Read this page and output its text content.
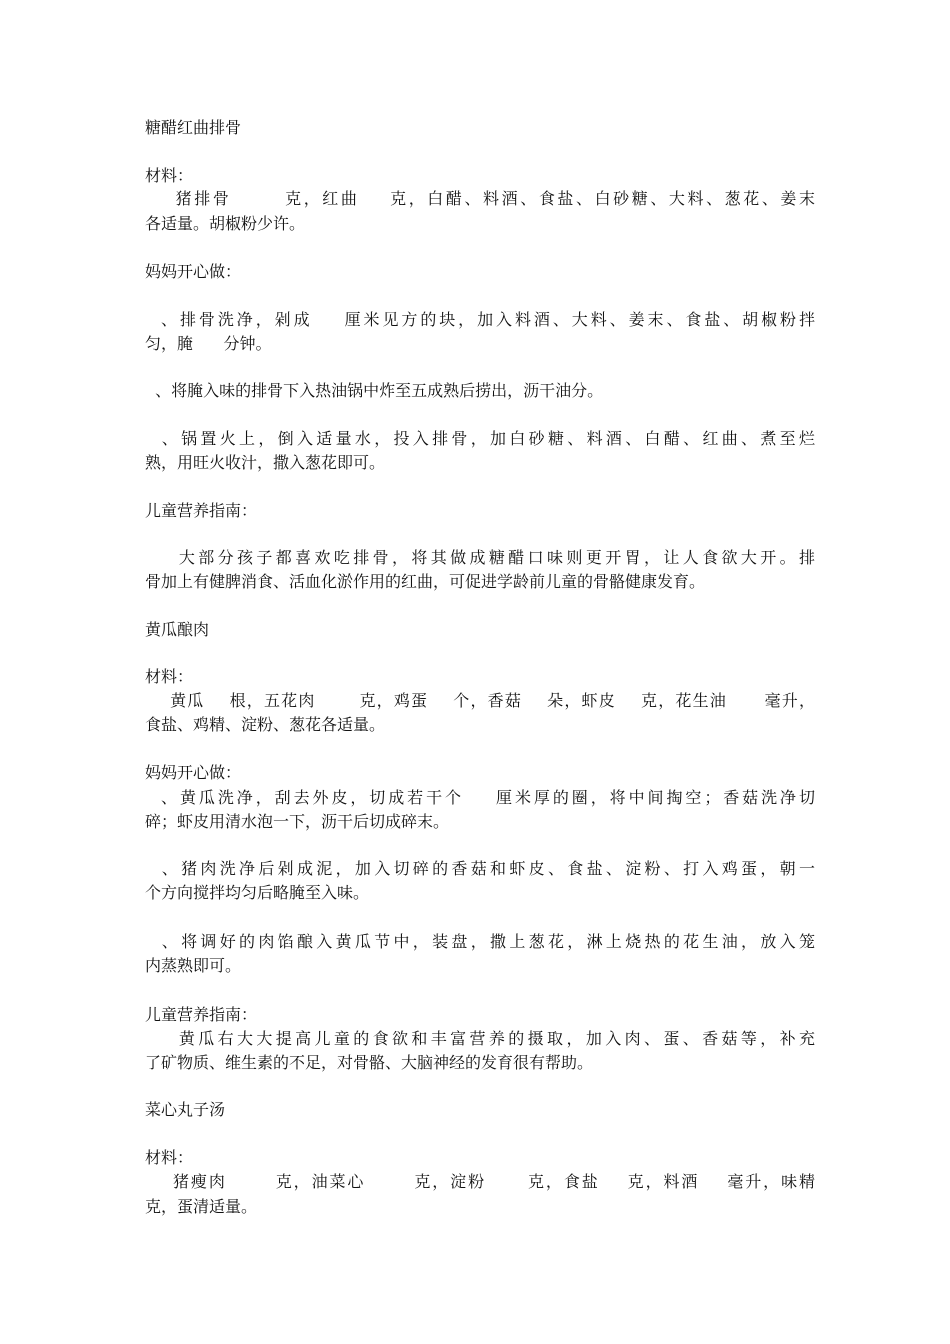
糖醋红曲排骨
材料：
猪排骨       克，红曲    克，白醋、料酒、食盐、白砂糖、大料、葱花、姜末
各适量。胡椒粉少许。
妈妈开心做：
、排骨洗净，剁成    厘米见方的块，加入料酒、大料、姜末、食盐、胡椒粉拌
匀，腌      分钟。
、将腌入味的排骨下入热油锅中炸至五成熟后捞出，沥干油分。
、锅置火上，倒入适量水，投入排骨，加白砂糖、料酒、白醋、红曲、煮至烂
熟，用旺火收汁，撒入葱花即可。
儿童营养指南：
大部分孩子都喜欢吃排骨，将其做成糖醋口味则更开胃，让人食欲大开。排
骨加上有健脾消食、活血化淤作用的红曲，可促进学龄前儿童的骨骼健康发育。
黄瓜酿肉
材料：
黄瓜    根，五花肉       克，鸡蛋    个，香菇    朵，虾皮    克，花生油      毫升，
食盐、鸡精、淀粉、葱花各适量。
妈妈开心做：
、黄瓜洗净，刮去外皮，切成若干个    厘米厚的圈，将中间掏空；香菇洗净切
碎；虾皮用清水泡一下，沥干后切成碎末。
、猪肉洗净后剁成泥，加入切碎的香菇和虾皮、食盐、淀粉、打入鸡蛋，朝一
个方向搅拌均匀后略腌至入味。
、将调好的肉馅酿入黄瓜节中，装盘，撒上葱花，淋上烧热的花生油，放入笼
内蒸熟即可。
儿童营养指南：
黄瓜右大大提高儿童的食欲和丰富营养的摄取，加入肉、蛋、香菇等，补充
了矿物质、维生素的不足，对骨骼、大脑神经的发育很有帮助。
菜心丸子汤
材料：
猪瘦肉       克，油菜心       克，淀粉      克，食盐    克，料酒    毫升，味精
克，蛋清适量。
